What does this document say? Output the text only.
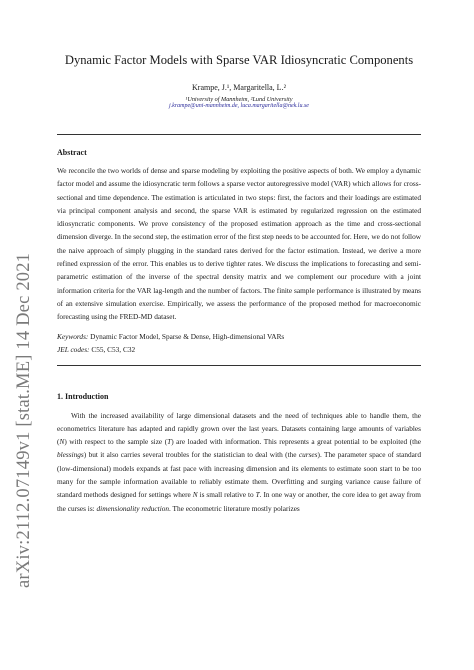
arXiv:2112.07149v1 [stat.ME] 14 Dec 2021
Dynamic Factor Models with Sparse VAR Idiosyncratic Components
Krampe, J.¹, Margaritella, L.²
¹University of Mannheim, ²Lund University
j.krampe@uni-mannheim.de, luca.margaritella@nek.lu.se
Abstract

We reconcile the two worlds of dense and sparse modeling by exploiting the positive aspects of both. We employ a dynamic factor model and assume the idiosyncratic term follows a sparse vector autoregressive model (VAR) which allows for cross-sectional and time dependence. The estimation is articulated in two steps: first, the factors and their loadings are estimated via principal component analysis and second, the sparse VAR is estimated by regularized regression on the estimated idiosyncratic components. We prove consistency of the proposed estimation approach as the time and cross-sectional dimension diverge. In the second step, the estimation error of the first step needs to be accounted for. Here, we do not follow the naive approach of simply plugging in the standard rates derived for the factor estimation. Instead, we derive a more refined expression of the error. This enables us to derive tighter rates. We discuss the implications to forecasting and semi-parametric estimation of the inverse of the spectral density matrix and we complement our procedure with a joint information criteria for the VAR lag-length and the number of factors. The finite sample performance is illustrated by means of an extensive simulation exercise. Empirically, we assess the performance of the proposed method for macroeconomic forecasting using the FRED-MD dataset.

Keywords: Dynamic Factor Model, Sparse & Dense, High-dimensional VARs
JEL codes: C55, C53, C32
1. Introduction

With the increased availability of large dimensional datasets and the need of techniques able to handle them, the econometrics literature has adapted and rapidly grown over the last years. Datasets containing large amounts of variables (N) with respect to the sample size (T) are loaded with information. This represents a great potential to be exploited (the blessings) but it also carries several troubles for the statistician to deal with (the curses). The parameter space of standard (low-dimensional) models expands at fast pace with increasing dimension and its elements to estimate soon start to be too many for the sample information available to reliably estimate them. Overfitting and surging variance cause failure of standard methods designed for settings where N is small relative to T. In one way or another, the core idea to get away from the curses is: dimensionality reduction. The econometric literature mostly polarizes
